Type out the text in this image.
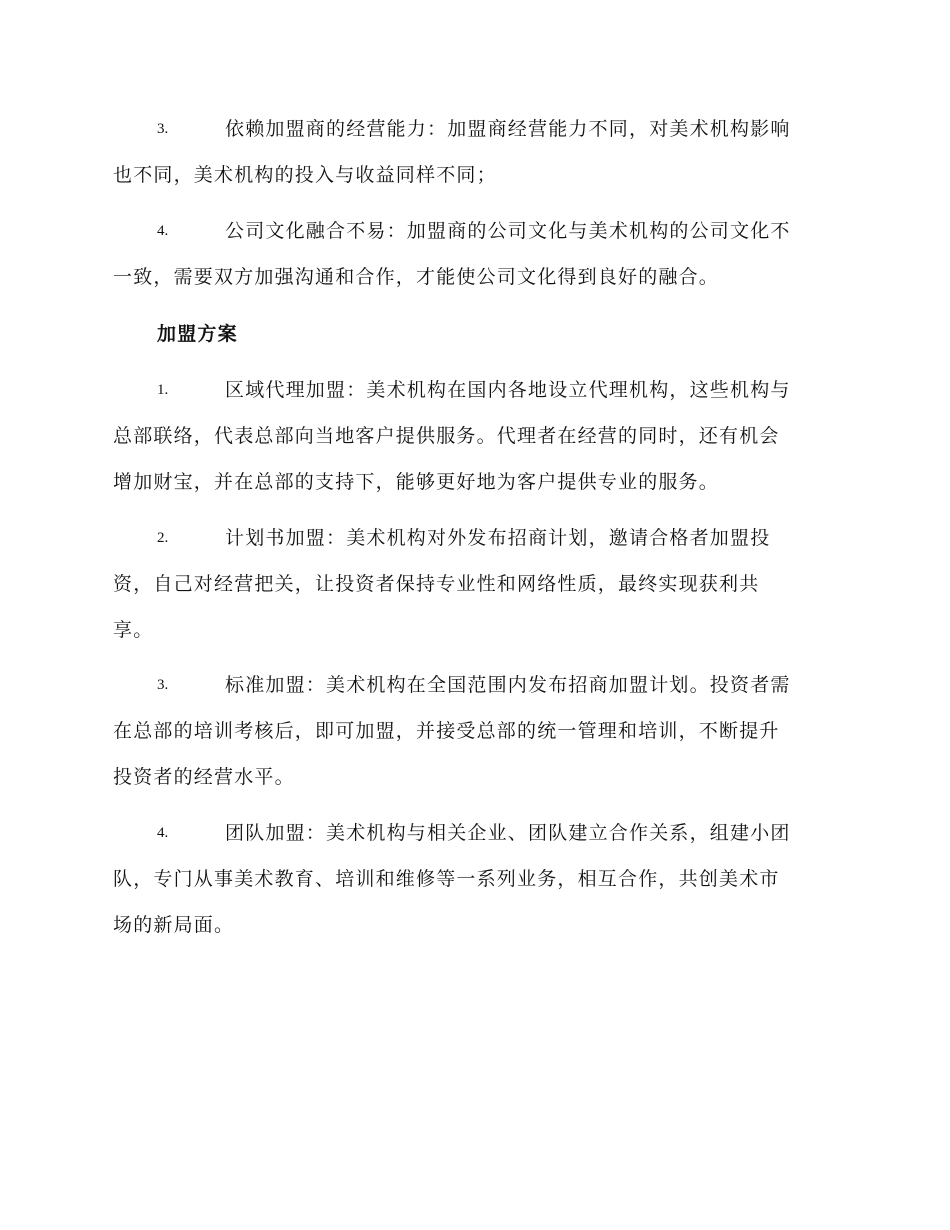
3.	依赖加盟商的经营能力：加盟商经营能力不同，对美术机构影响
也不同，美术机构的投入与收益同样不同；
4.	公司文化融合不易：加盟商的公司文化与美术机构的公司文化不
一致，需要双方加强沟通和合作，才能使公司文化得到良好的融合。
加盟方案
1.	区域代理加盟：美术机构在国内各地设立代理机构，这些机构与
总部联络，代表总部向当地客户提供服务。代理者在经营的同时，还有机会
增加财宝，并在总部的支持下，能够更好地为客户提供专业的服务。
2.	计划书加盟：美术机构对外发布招商计划，邀请合格者加盟投
资，自己对经营把关，让投资者保持专业性和网络性质，最终实现获利共
享。
3.	标准加盟：美术机构在全国范围内发布招商加盟计划。投资者需
在总部的培训考核后，即可加盟，并接受总部的统一管理和培训，不断提升
投资者的经营水平。
4.	团队加盟：美术机构与相关企业、团队建立合作关系，组建小团
队，专门从事美术教育、培训和维修等一系列业务，相互合作，共创美术市
场的新局面。
